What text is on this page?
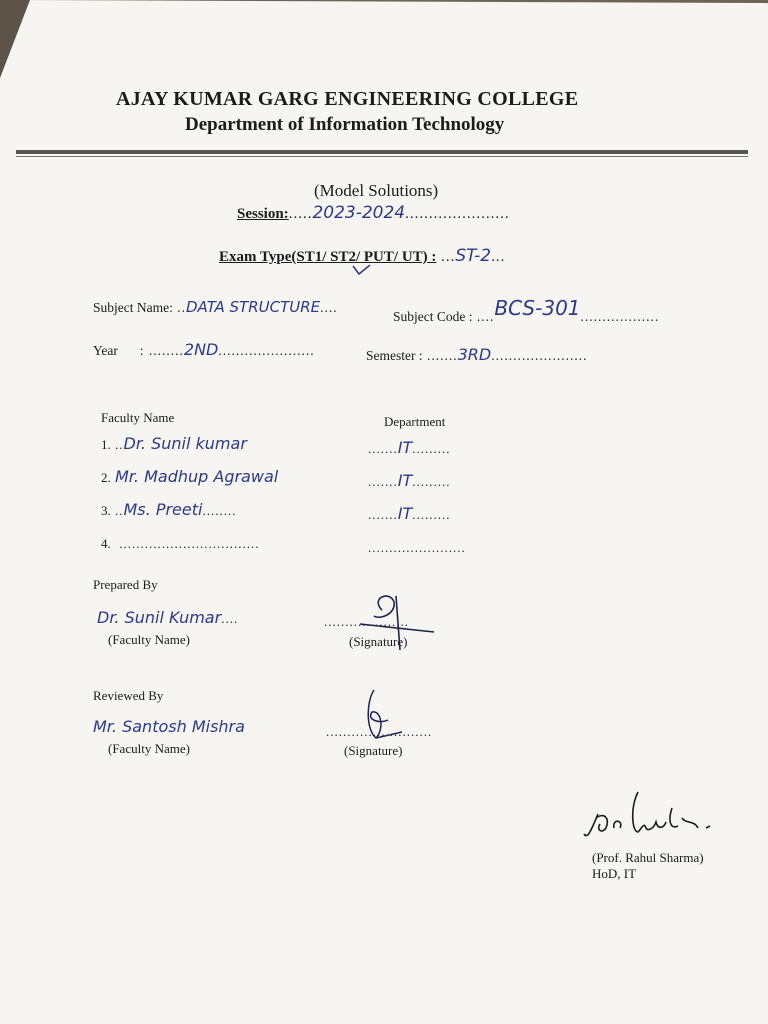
AJAY KUMAR GARG ENGINEERING COLLEGE
Department of Information Technology
(Model Solutions)
Session:.....2023-2024......................
Exam Type(ST1/ ST2/ PUT/ UT) : ...ST-2...
Subject Name: ..DATA STRUCTURE....
Subject Code : ....BCS-301..................
Year     : ........2ND......................	Semester : .......3RD......................
Faculty Name	Department
1. ..Dr. Sunil kumar	.......IT.........
2. Mr. Madhup Agrawal	.......IT.........
3. ..Ms. Preeti........	.......IT.........
4.  .................................	.......................
Prepared By
Dr. Sunil Kumar....
(Faculty Name)
....................
(Signature)
Reviewed By
Mr. Santosh Mishra
(Faculty Name)
.........................
(Signature)
(Prof. Rahul Sharma)
HoD, IT
